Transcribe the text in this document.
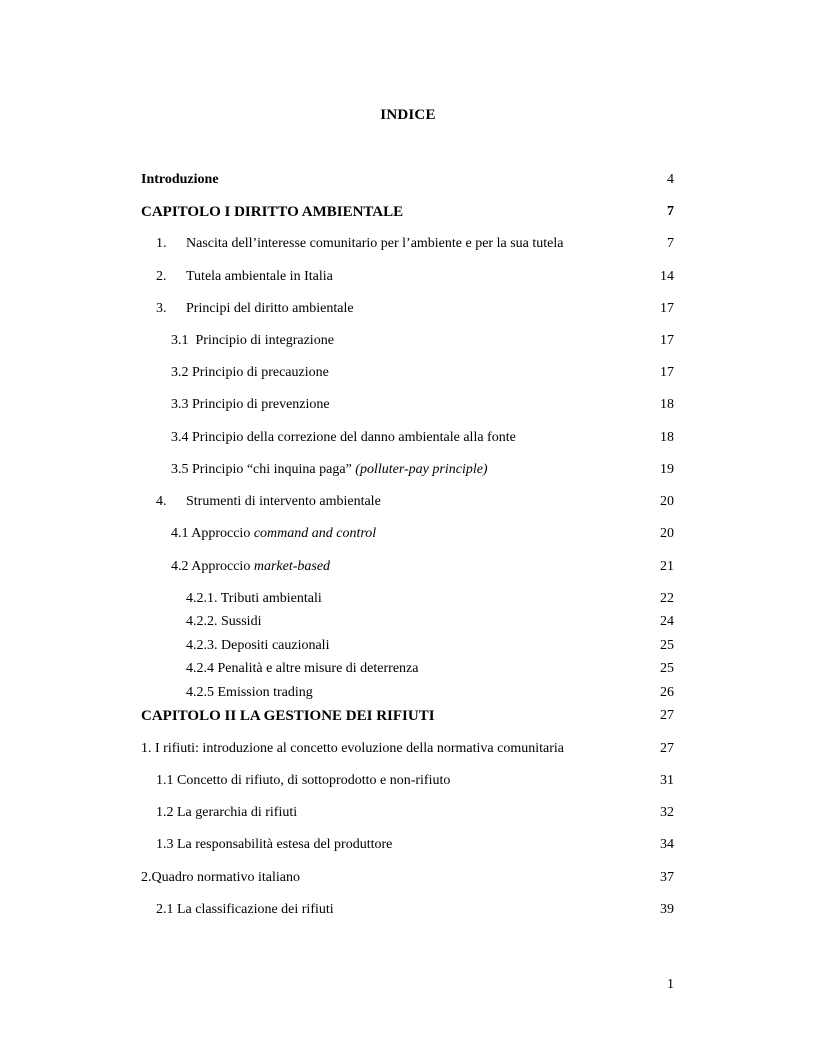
INDICE
Introduzione	4
CAPITOLO I DIRITTO AMBIENTALE	7
1. Nascita dell’interesse comunitario per l’ambiente e per la sua tutela	7
2. Tutela ambientale in Italia	14
3. Principi del diritto ambientale	17
3.1  Principio di integrazione	17
3.2 Principio di precauzione	17
3.3 Principio di prevenzione	18
3.4 Principio della correzione del danno ambientale alla fonte	18
3.5 Principio “chi inquina paga” (polluter-pay principle)	19
4. Strumenti di intervento ambientale	20
4.1 Approccio command and control	20
4.2 Approccio market-based	21
4.2.1. Tributi ambientali	22
4.2.2. Sussidi	24
4.2.3. Depositi cauzionali	25
4.2.4 Penalità e altre misure di deterrenza	25
4.2.5 Emission trading	26
CAPITOLO II LA GESTIONE DEI RIFIUTI	27
1. I rifiuti: introduzione al concetto evoluzione della normativa comunitaria	27
1.1 Concetto di rifiuto, di sottoprodotto e non-rifiuto	31
1.2 La gerarchia di rifiuti	32
1.3 La responsabilità estesa del produttore	34
2.Quadro normativo italiano	37
2.1 La classificazione dei rifiuti	39
1
